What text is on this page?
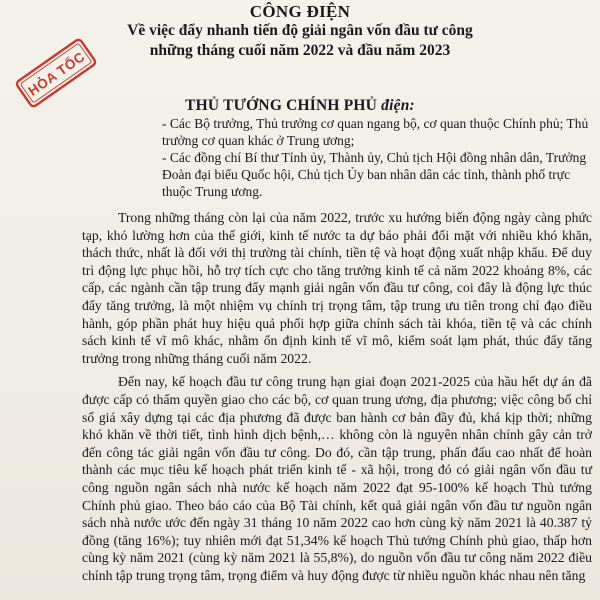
CÔNG ĐIỆN
Về việc đẩy nhanh tiến độ giải ngân vốn đầu tư công
những tháng cuối năm 2022 và đầu năm 2023
HỎA TỐC
THỦ TƯỚNG CHÍNH PHỦ điện:

- Các Bộ trưởng, Thủ trưởng cơ quan ngang bộ, cơ quan thuộc Chính phủ; Thủ trưởng cơ quan khác ở Trung ương;

- Các đồng chí Bí thư Tỉnh ủy, Thành ủy, Chủ tịch Hội đồng nhân dân, Trưởng Đoàn đại biểu Quốc hội, Chủ tịch Ủy ban nhân dân các tỉnh, thành phố trực thuộc Trung ương.

Trong những tháng còn lại của năm 2022, trước xu hướng biến động ngày càng phức tạp, khó lường hơn của thế giới, kinh tế nước ta dự báo phải đối mặt với nhiều khó khăn, thách thức, nhất là đối với thị trường tài chính, tiền tệ và hoạt động xuất nhập khẩu. Để duy trì động lực phục hồi, hỗ trợ tích cực cho tăng trưởng kinh tế cả năm 2022 khoảng 8%, các cấp, các ngành cần tập trung đẩy mạnh giải ngân vốn đầu tư công, coi đây là động lực thúc đẩy tăng trưởng, là một nhiệm vụ chính trị trọng tâm, tập trung ưu tiên trong chỉ đạo điều hành, góp phần phát huy hiệu quả phối hợp giữa chính sách tài khóa, tiền tệ và các chính sách kinh tế vĩ mô khác, nhằm ổn định kinh tế vĩ mô, kiểm soát lạm phát, thúc đẩy tăng trưởng trong những tháng cuối năm 2022.

Đến nay, kế hoạch đầu tư công trung hạn giai đoạn 2021-2025 của hầu hết dự án đã được cấp có thẩm quyền giao cho các bộ, cơ quan trung ương, địa phương; việc công bố chỉ số giá xây dựng tại các địa phương đã được ban hành cơ bản đầy đủ, khá kịp thời; những khó khăn về thời tiết, tình hình dịch bệnh,… không còn là nguyên nhân chính gây cản trở đến công tác giải ngân vốn đầu tư công. Do đó, cần tập trung, phấn đấu cao nhất để hoàn thành các mục tiêu kế hoạch phát triển kinh tế - xã hội, trong đó có giải ngân vốn đầu tư công nguồn ngân sách nhà nước kế hoạch năm 2022 đạt 95-100% kế hoạch Thủ tướng Chính phủ giao. Theo báo cáo của Bộ Tài chính, kết quả giải ngân vốn đầu tư nguồn ngân sách nhà nước ước đến ngày 31 tháng 10 năm 2022 cao hơn cùng kỳ năm 2021 là 40.387 tỷ đồng (tăng 16%); tuy nhiên mới đạt 51,34% kế hoạch Thủ tướng Chính phủ giao, thấp hơn cùng kỳ năm 2021 (cùng kỳ năm 2021 là 55,8%), do nguồn vốn đầu tư công năm 2022 điều chỉnh tập trung trọng tâm, trọng điểm và huy động được từ nhiều nguồn khác nhau nên tăng
